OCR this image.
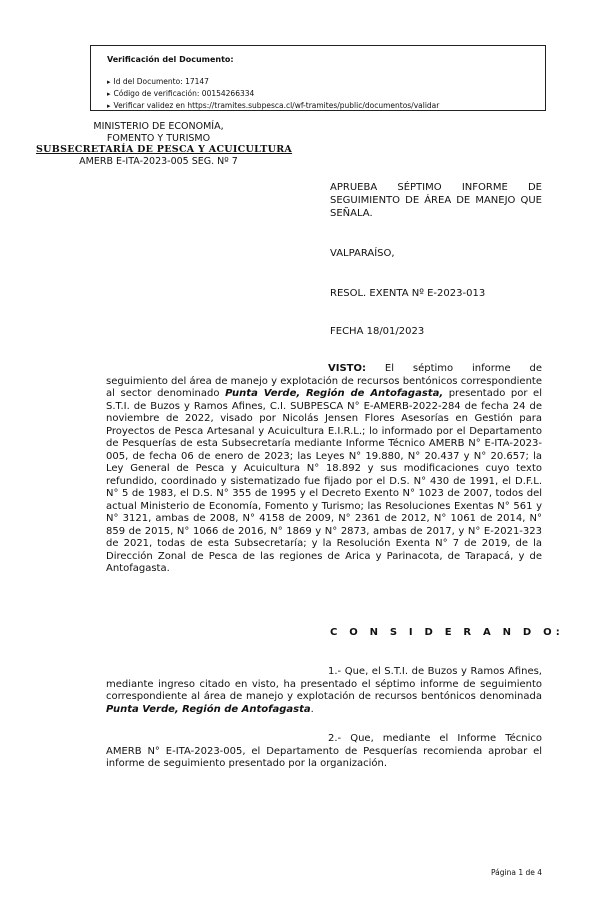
Verificación del Documento:
▸ Id del Documento: 17147
▸ Código de verificación: 00154266334
▸ Verificar validez en https://tramites.subpesca.cl/wf-tramites/public/documentos/validar
MINISTERIO DE ECONOMÍA,
FOMENTO Y TURISMO
SUBSECRETARÍA DE PESCA Y ACUICULTURA
AMERB E-ITA-2023-005 SEG. Nº 7
APRUEBA SÉPTIMO INFORME DE SEGUIMIENTO DE ÁREA DE MANEJO QUE SEÑALA.
VALPARAÍSO,
RESOL. EXENTA Nº E-2023-013
FECHA 18/01/2023
VISTO: El séptimo informe de seguimiento del área de manejo y explotación de recursos bentónicos correspondiente al sector denominado Punta Verde, Región de Antofagasta, presentado por el S.T.I. de Buzos y Ramos Afines, C.I. SUBPESCA N° E-AMERB-2022-284 de fecha 24 de noviembre de 2022, visado por Nicolás Jensen Flores Asesorías en Gestión para Proyectos de Pesca Artesanal y Acuicultura E.I.R.L.; lo informado por el Departamento de Pesquerías de esta Subsecretaría mediante Informe Técnico AMERB N° E-ITA-2023-005, de fecha 06 de enero de 2023; las Leyes N° 19.880, N° 20.437 y N° 20.657; la Ley General de Pesca y Acuicultura N° 18.892 y sus modificaciones cuyo texto refundido, coordinado y sistematizado fue fijado por el D.S. N° 430 de 1991, el D.F.L. N° 5 de 1983, el D.S. N° 355 de 1995 y el Decreto Exento N° 1023 de 2007, todos del actual Ministerio de Economía, Fomento y Turismo; las Resoluciones Exentas N° 561 y N° 3121, ambas de 2008, N° 4158 de 2009, N° 2361 de 2012, N° 1061 de 2014, N° 859 de 2015, N° 1066 de 2016, N° 1869 y N° 2873, ambas de 2017, y N° E-2021-323 de 2021, todas de esta Subsecretaría; y la Resolución Exenta N° 7 de 2019, de la Dirección Zonal de Pesca de las regiones de Arica y Parinacota, de Tarapacá, y de Antofagasta.
C O N S I D E R A N D O:
1.- Que, el S.T.I. de Buzos y Ramos Afines, mediante ingreso citado en visto, ha presentado el séptimo informe de seguimiento correspondiente al área de manejo y explotación de recursos bentónicos denominada Punta Verde, Región de Antofagasta.
2.- Que, mediante el Informe Técnico AMERB N° E-ITA-2023-005, el Departamento de Pesquerías recomienda aprobar el informe de seguimiento presentado por la organización.
Página 1 de 4
